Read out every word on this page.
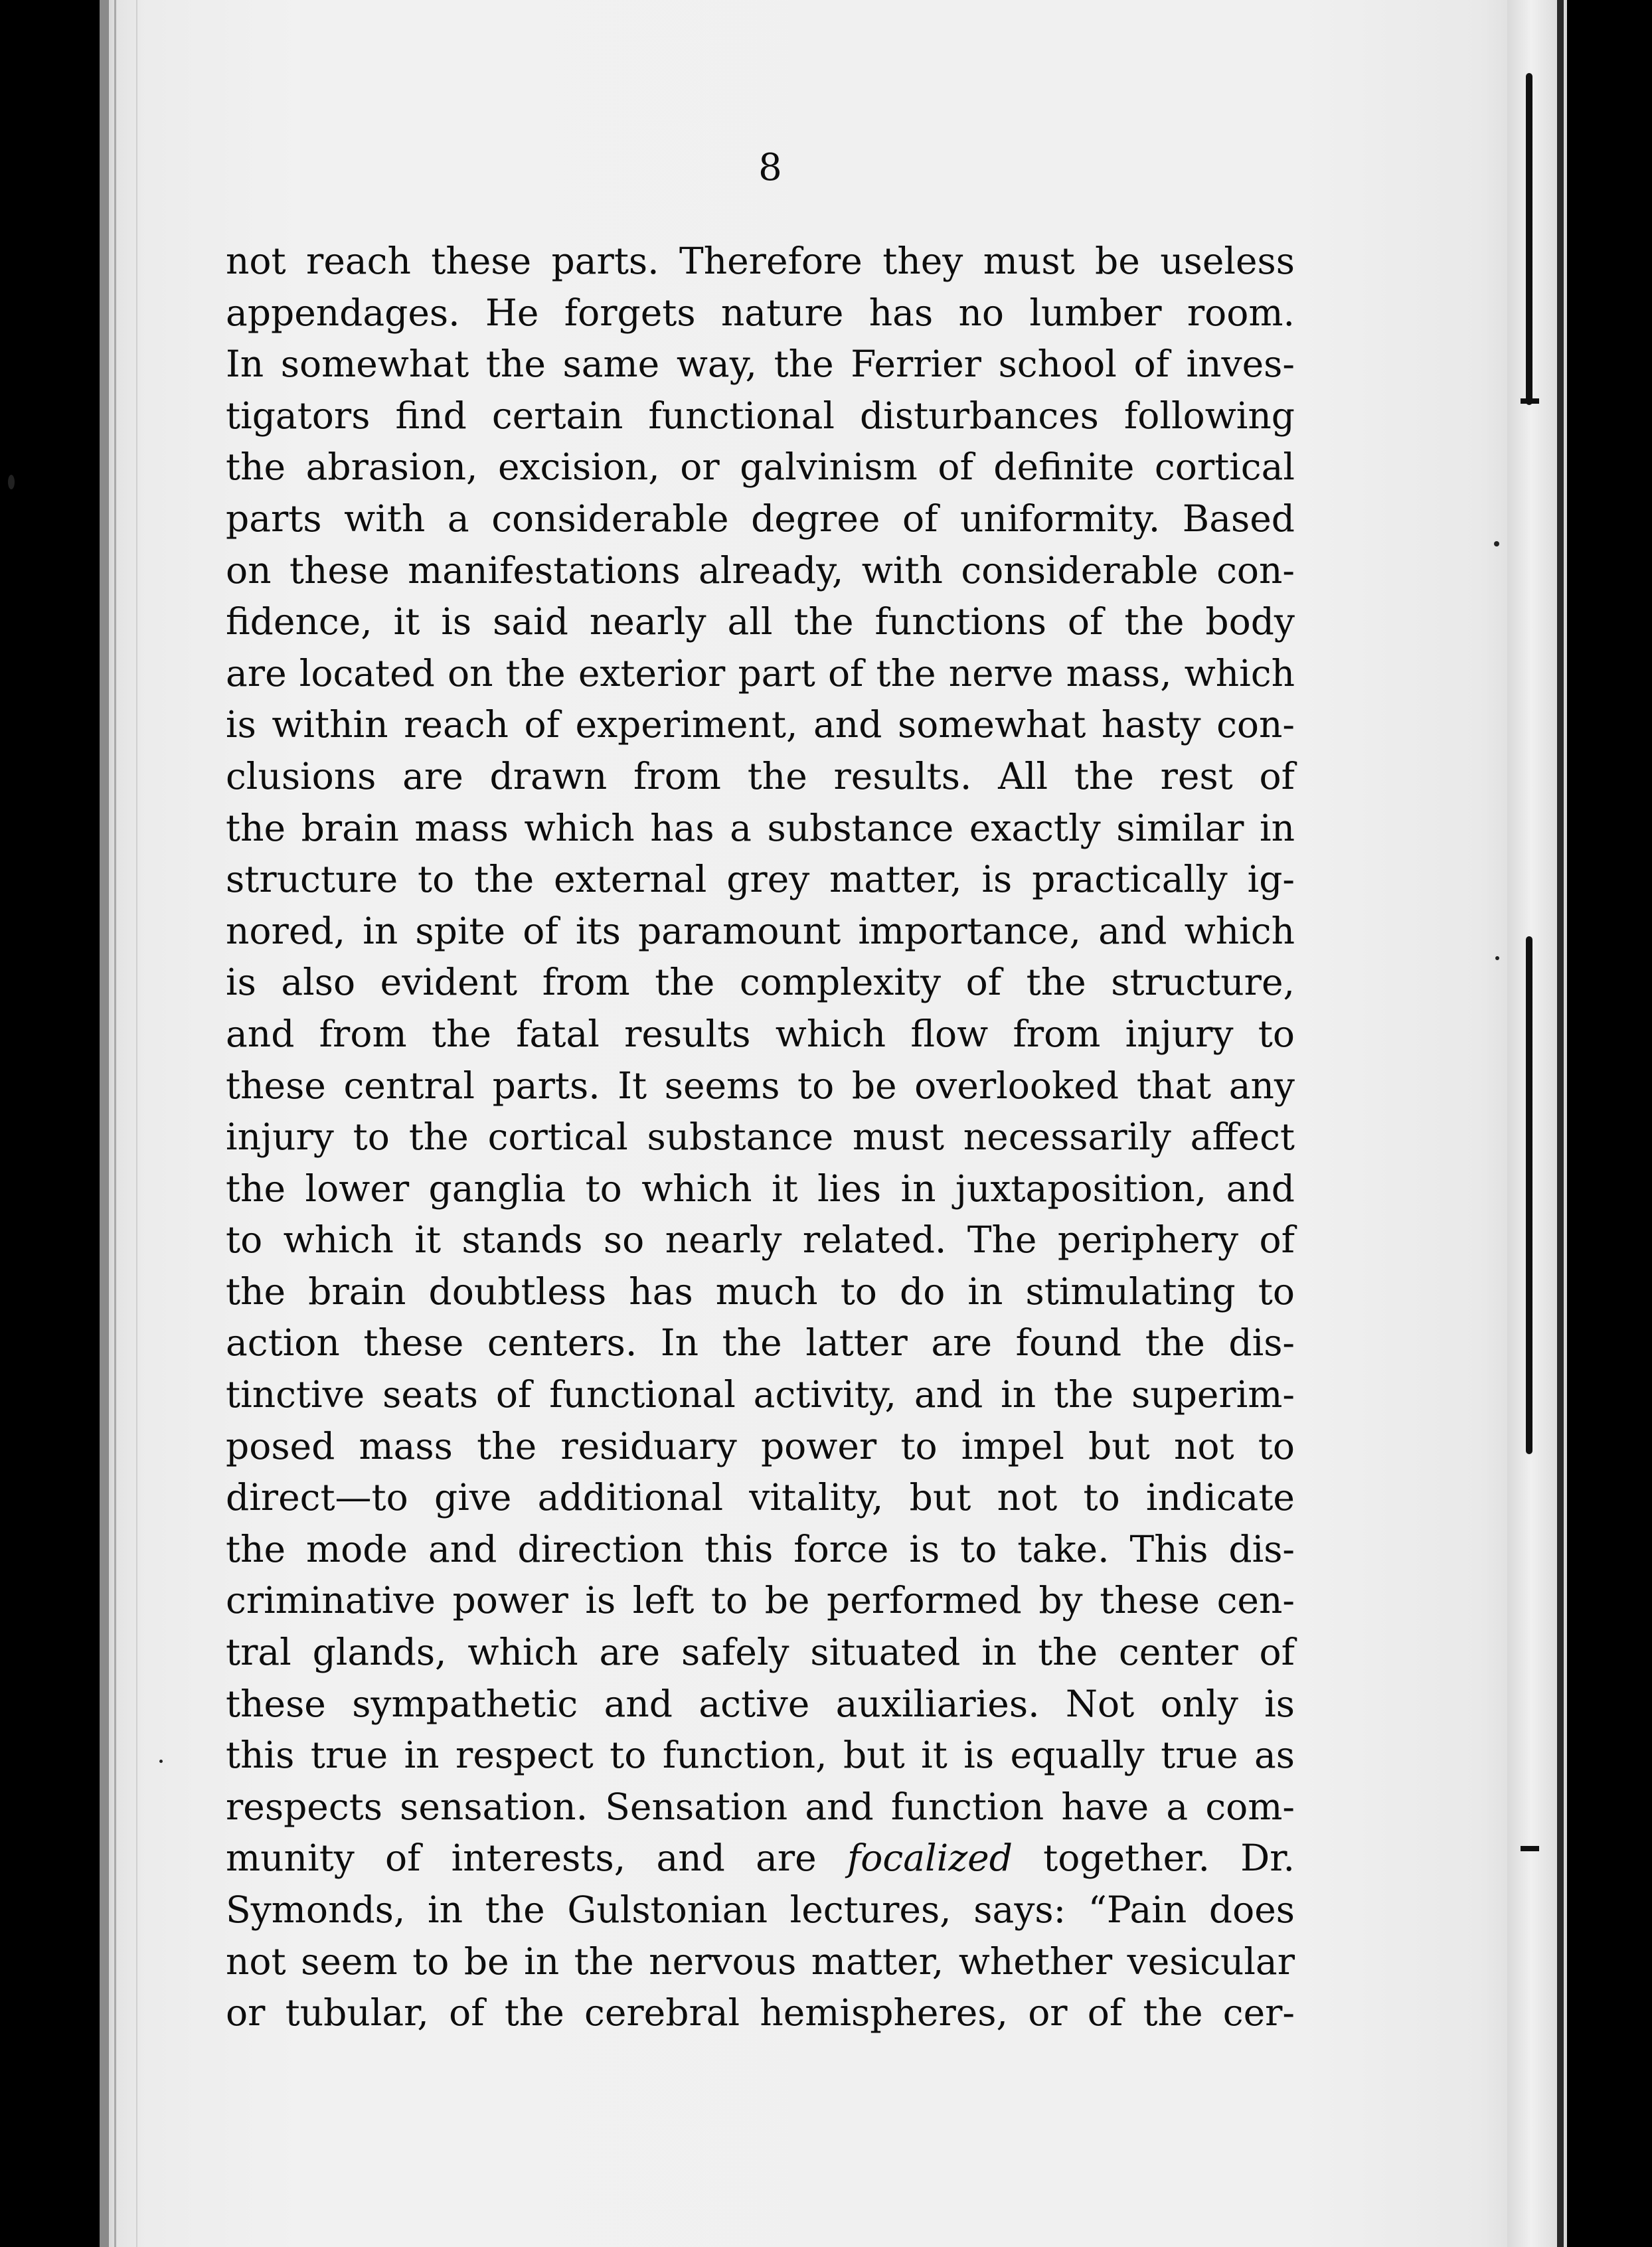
8
not reach these parts. Therefore they must be useless
appendages. He forgets nature has no lumber room.
In somewhat the same way, the Ferrier school of inves-
tigators find certain functional disturbances following
the abrasion, excision, or galvinism of definite cortical
parts with a considerable degree of uniformity. Based
on these manifestations already, with considerable con-
fidence, it is said nearly all the functions of the body
are located on the exterior part of the nerve mass, which
is within reach of experiment, and somewhat hasty con-
clusions are drawn from the results. All the rest of
the brain mass which has a substance exactly similar in
structure to the external grey matter, is practically ig-
nored, in spite of its paramount importance, and which
is also evident from the complexity of the structure,
and from the fatal results which flow from injury to
these central parts. It seems to be overlooked that any
injury to the cortical substance must necessarily affect
the lower ganglia to which it lies in juxtaposition, and
to which it stands so nearly related. The periphery of
the brain doubtless has much to do in stimulating to
action these centers. In the latter are found the dis-
tinctive seats of functional activity, and in the superim-
posed mass the residuary power to impel but not to
direct—to give additional vitality, but not to indicate
the mode and direction this force is to take. This dis-
criminative power is left to be performed by these cen-
tral glands, which are safely situated in the center of
these sympathetic and active auxiliaries. Not only is
this true in respect to function, but it is equally true as
respects sensation. Sensation and function have a com-
munity of interests, and are focalized together. Dr.
Symonds, in the Gulstonian lectures, says: “Pain does
not seem to be in the nervous matter, whether vesicular
or tubular, of the cerebral hemispheres, or of the cer-
